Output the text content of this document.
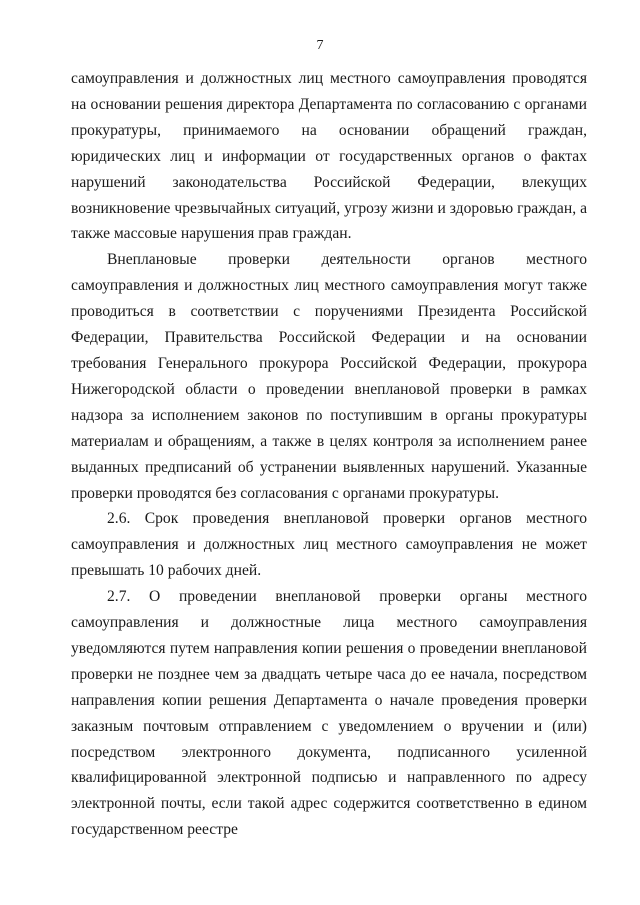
7

самоуправления и должностных лиц местного самоуправления проводятся на основании решения директора Департамента по согласованию с органами прокуратуры, принимаемого на основании обращений граждан, юридических лиц и информации от государственных органов о фактах нарушений законодательства Российской Федерации, влекущих возникновение чрезвычайных ситуаций, угрозу жизни и здоровью граждан, а также массовые нарушения прав граждан.

Внеплановые проверки деятельности органов местного самоуправления и должностных лиц местного самоуправления могут также проводиться в соответствии с поручениями Президента Российской Федерации, Правительства Российской Федерации и на основании требования Генерального прокурора Российской Федерации, прокурора Нижегородской области о проведении внеплановой проверки в рамках надзора за исполнением законов по поступившим в органы прокуратуры материалам и обращениям, а также в целях контроля за исполнением ранее выданных предписаний об устранении выявленных нарушений. Указанные проверки проводятся без согласования с органами прокуратуры.

2.6. Срок проведения внеплановой проверки органов местного самоуправления и должностных лиц местного самоуправления не может превышать 10 рабочих дней.

2.7. О проведении внеплановой проверки органы местного самоуправления и должностные лица местного самоуправления уведомляются путем направления копии решения о проведении внеплановой проверки не позднее чем за двадцать четыре часа до ее начала, посредством направления копии решения Департамента о начале проведения проверки заказным почтовым отправлением с уведомлением о вручении и (или) посредством электронного документа, подписанного усиленной квалифицированной электронной подписью и направленного по адресу электронной почты, если такой адрес содержится соответственно в едином государственном реестре
